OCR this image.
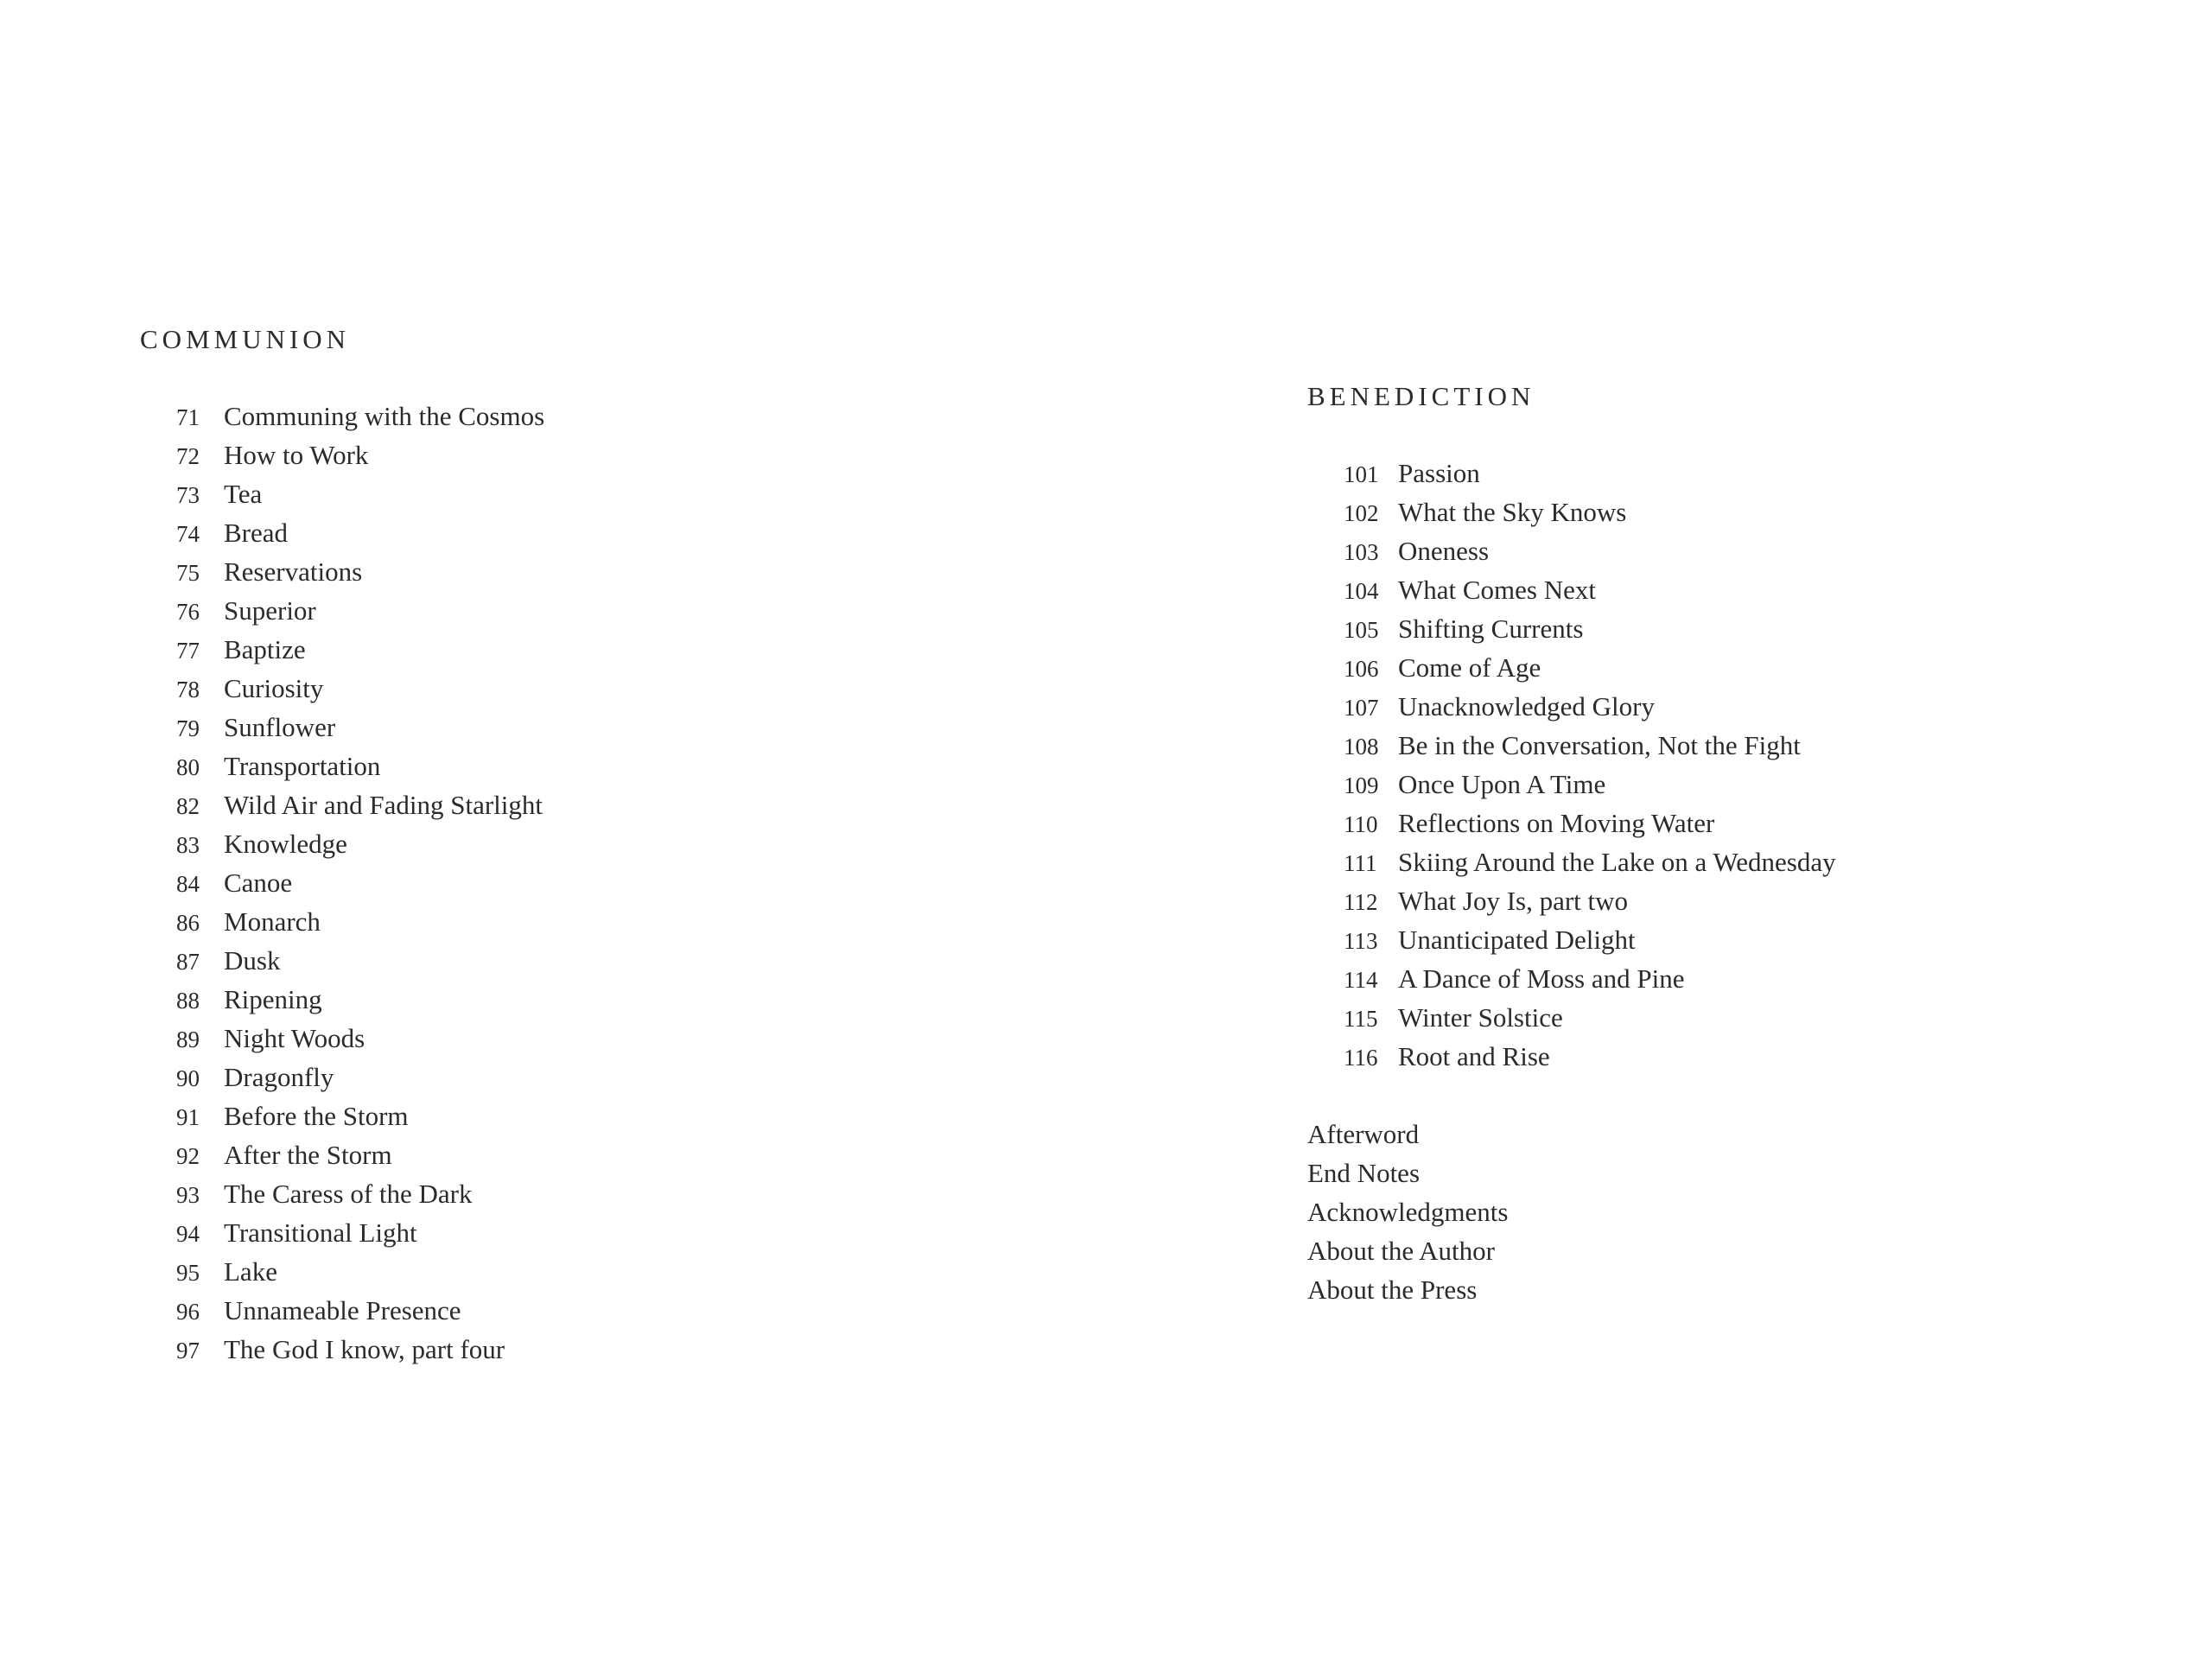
COMMUNION
71 Communing with the Cosmos
72 How to Work
73 Tea
74 Bread
75 Reservations
76 Superior
77 Baptize
78 Curiosity
79 Sunflower
80 Transportation
82 Wild Air and Fading Starlight
83 Knowledge
84 Canoe
86 Monarch
87 Dusk
88 Ripening
89 Night Woods
90 Dragonfly
91 Before the Storm
92 After the Storm
93 The Caress of the Dark
94 Transitional Light
95 Lake
96 Unnameable Presence
97 The God I know, part four
BENEDICTION
101 Passion
102 What the Sky Knows
103 Oneness
104 What Comes Next
105 Shifting Currents
106 Come of Age
107 Unacknowledged Glory
108 Be in the Conversation, Not the Fight
109 Once Upon A Time
110 Reflections on Moving Water
111 Skiing Around the Lake on a Wednesday
112 What Joy Is, part two
113 Unanticipated Delight
114 A Dance of Moss and Pine
115 Winter Solstice
116 Root and Rise
Afterword
End Notes
Acknowledgments
About the Author
About the Press
